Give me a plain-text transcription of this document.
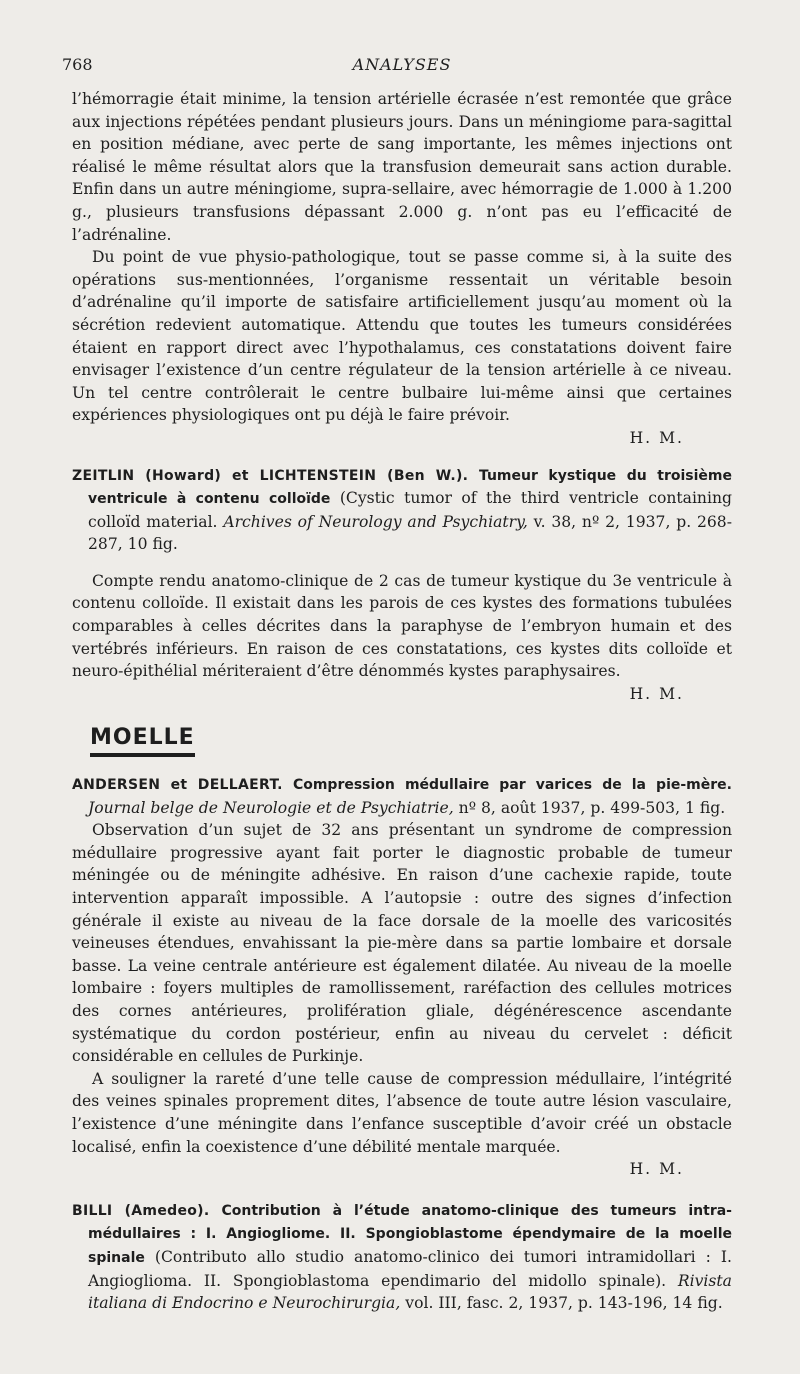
768	ANALYSES

l’hémorragie était minime, la tension artérielle écrasée n’est remontée que grâce aux injections répétées pendant plusieurs jours. Dans un méningiome para-sagittal en position médiane, avec perte de sang importante, les mêmes injections ont réalisé le même résultat alors que la transfusion demeurait sans action durable. Enfin dans un autre méningiome, supra-sellaire, avec hémorragie de 1.000 à 1.200 g., plusieurs transfusions dépassant 2.000 g. n’ont pas eu l’efficacité de l’adrénaline.

Du point de vue physio-pathologique, tout se passe comme si, à la suite des opérations sus-mentionnées, l’organisme ressentait un véritable besoin d’adrénaline qu’il importe de satisfaire artificiellement jusqu’au moment où la sécrétion redevient automatique. Attendu que toutes les tumeurs considérées étaient en rapport direct avec l’hypothalamus, ces constatations doivent faire envisager l’existence d’un centre régulateur de la tension artérielle à ce niveau. Un tel centre contrôlerait le centre bulbaire lui-même ainsi que certaines expériences physiologiques ont pu déjà le faire prévoir.

H. M.

ZEITLIN (Howard) et LICHTENSTEIN (Ben W.). Tumeur kystique du troisième ventricule à contenu colloïde (Cystic tumor of the third ventricle containing colloïd material. Archives of Neurology and Psychiatry, v. 38, nº 2, 1937, p. 268-287, 10 fig.

Compte rendu anatomo-clinique de 2 cas de tumeur kystique du 3e ventricule à contenu colloïde. Il existait dans les parois de ces kystes des formations tubulées comparables à celles décrites dans la paraphyse de l’embryon humain et des vertébrés inférieurs. En raison de ces constatations, ces kystes dits colloïde et neuro-épithélial mériteraient d’être dénommés kystes paraphysaires.

H. M.

MOELLE

ANDERSEN et DELLAERT. Compression médullaire par varices de la pie-mère. Journal belge de Neurologie et de Psychiatrie, nº 8, août 1937, p. 499-503, 1 fig.

Observation d’un sujet de 32 ans présentant un syndrome de compression médullaire progressive ayant fait porter le diagnostic probable de tumeur méningée ou de méningite adhésive. En raison d’une cachexie rapide, toute intervention apparaît impossible. A l’autopsie : outre des signes d’infection générale il existe au niveau de la face dorsale de la moelle des varicosités veineuses étendues, envahissant la pie-mère dans sa partie lombaire et dorsale basse. La veine centrale antérieure est également dilatée. Au niveau de la moelle lombaire : foyers multiples de ramollissement, raréfaction des cellules motrices des cornes antérieures, prolifération gliale, dégénérescence ascendante systématique du cordon postérieur, enfin au niveau du cervelet : déficit considérable en cellules de Purkinje.

A souligner la rareté d’une telle cause de compression médullaire, l’intégrité des veines spinales proprement dites, l’absence de toute autre lésion vasculaire, l’existence d’une méningite dans l’enfance susceptible d’avoir créé un obstacle localisé, enfin la coexistence d’une débilité mentale marquée.

H. M.

BILLI (Amedeo). Contribution à l’étude anatomo-clinique des tumeurs intra-médullaires : I. Angiogliome. II. Spongioblastome épendymaire de la moelle spinale (Contributo allo studio anatomo-clinico dei tumori intramidollari : I. Angioglioma. II. Spongioblastoma ependimario del midollo spinale). Rivista italiana di Endocrino e Neurochirurgia, vol. III, fasc. 2, 1937, p. 143-196, 14 fig.
